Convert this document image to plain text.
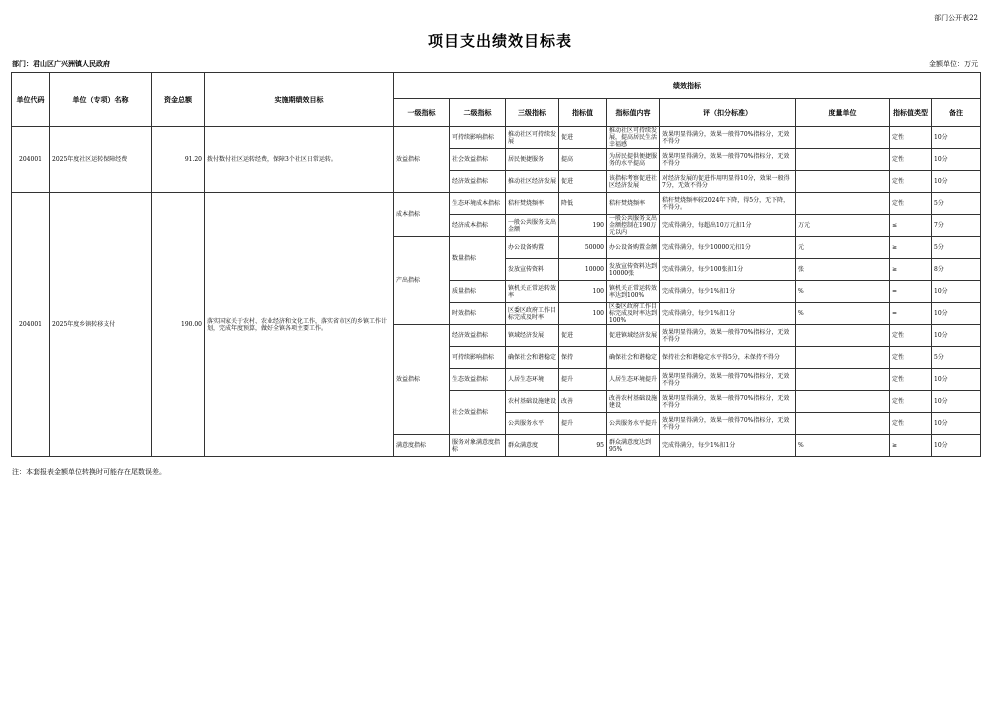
部门公开表22
项目支出绩效目标表
部门：君山区广兴洲镇人民政府	金额单位：万元
单位代码	单位（专项）名称	资金总额	实施期绩效目标	绩效指标								
				一级指标	二级指标	三级指标	指标值	指标值内容	评（扣分标准）	度量单位	指标值类型	备注
204001	2025年度社区运转保障经费	91.20	拨付数付社区运转经费，保障3个社区日常运转。	效益指标	可持续影响指标	推动社区可持续发展	促进	推动社区可持续发展，提高居民生活幸福感	效果明显得满分，效果一般得70%指标分，无效不得分		定性	10分
					社会效益指标	居民便捷服务	提高	为居民提供便捷服务的水平提高	效果明显得满分，效果一般得70%指标分，无效不得分		定性	10分
					经济效益指标	推动社区经济发展	促进	该指标考察促进社区经济发展	对经济发展的促进作用明显得10分，效果一般得7分，无效不得分		定性	10分
204001	2025年度乡镇转移支付	190.00	落实国家关于农村、农业经济和文化工作，落实省市区的乡镇工作计划，完成年度预算，做好全镇各项主要工作。	成本指标	生态环境成本指标	秸秆焚烧频率	降低	秸秆焚烧频率	秸秆焚烧频率较2024年下降，得5分，无下降，不得分。		定性	5分
					经济成本指标	一般公共服务支出金额	190	一般公共服务支出金额控制在190万元以内	完成得满分，每超出10万元扣1分	万元	≤	7分
				产出指标	数量指标	办公设备购置	50000	办公设备购置金额	完成得满分，每少10000元扣1分	元	≥	5分
						发放宣传资料	10000	发放宣传资料达到10000张	完成得满分，每少100张扣1分	张	≥	8分
					质量指标	镇机关正常运转效率	100	镇机关正常运转效率达到100%	完成得满分，每少1%扣1分	%	=	10分
					时效指标	区委区政府工作目标完成及时率	100	区委区政府工作目标完成及时率达到100%	完成得满分，每少1%扣1分	%	=	10分
				效益指标	经济效益指标	镇域经济发展	促进	促进镇域经济发展	效果明显得满分，效果一般得70%指标分，无效不得分		定性	10分
					可持续影响指标	确保社会和谐稳定	保持	确保社会和谐稳定	保持社会和谐稳定水平得5分，未保持不得分		定性	5分
					生态效益指标	人居生态环境	提升	人居生态环境提升	效果明显得满分，效果一般得70%指标分，无效不得分		定性	10分
					社会效益指标	农村基础设施建设	改善	改善农村基础设施建设	效果明显得满分，效果一般得70%指标分，无效不得分		定性	10分
						公共服务水平	提升	公共服务水平提升	效果明显得满分，效果一般得70%指标分，无效不得分		定性	10分
				满意度指标	服务对象满意度指标	群众满意度	95	群众满意度达到95%	完成得满分，每少1%扣1分	%	≥	10分
注：本套报表金额单位转换时可能存在尾数误差。
